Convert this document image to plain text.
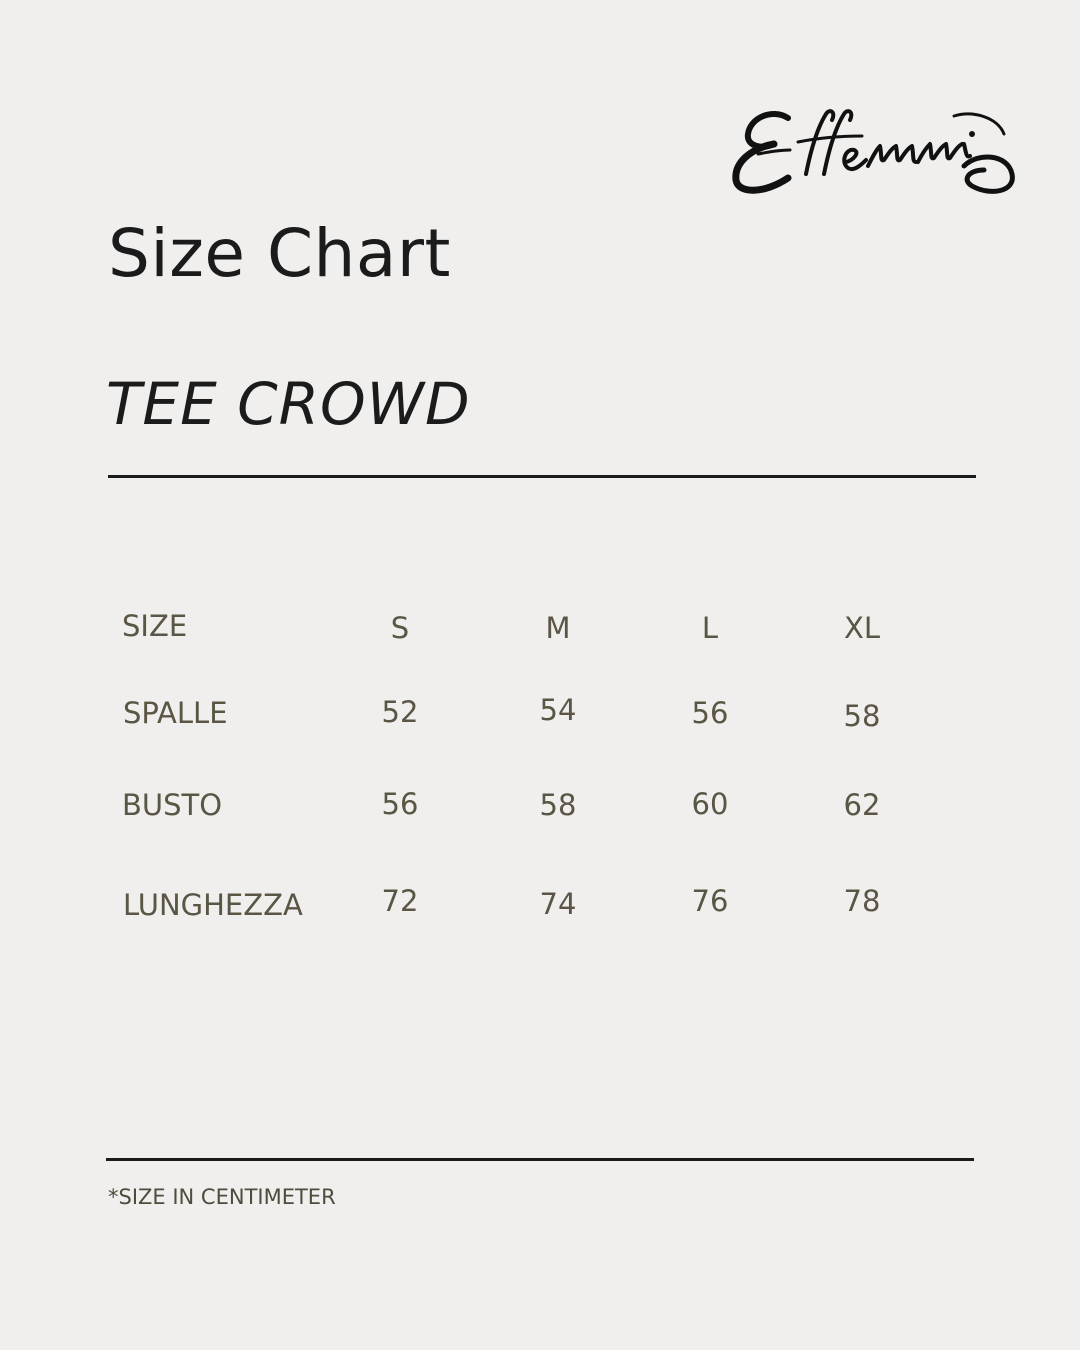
Size Chart
TEE CROWD
SIZE	S	M	L	XL
SPALLE	52	54	56	58
BUSTO	56	58	60	62
LUNGHEZZA	72	74	76	78
*SIZE IN CENTIMETER
